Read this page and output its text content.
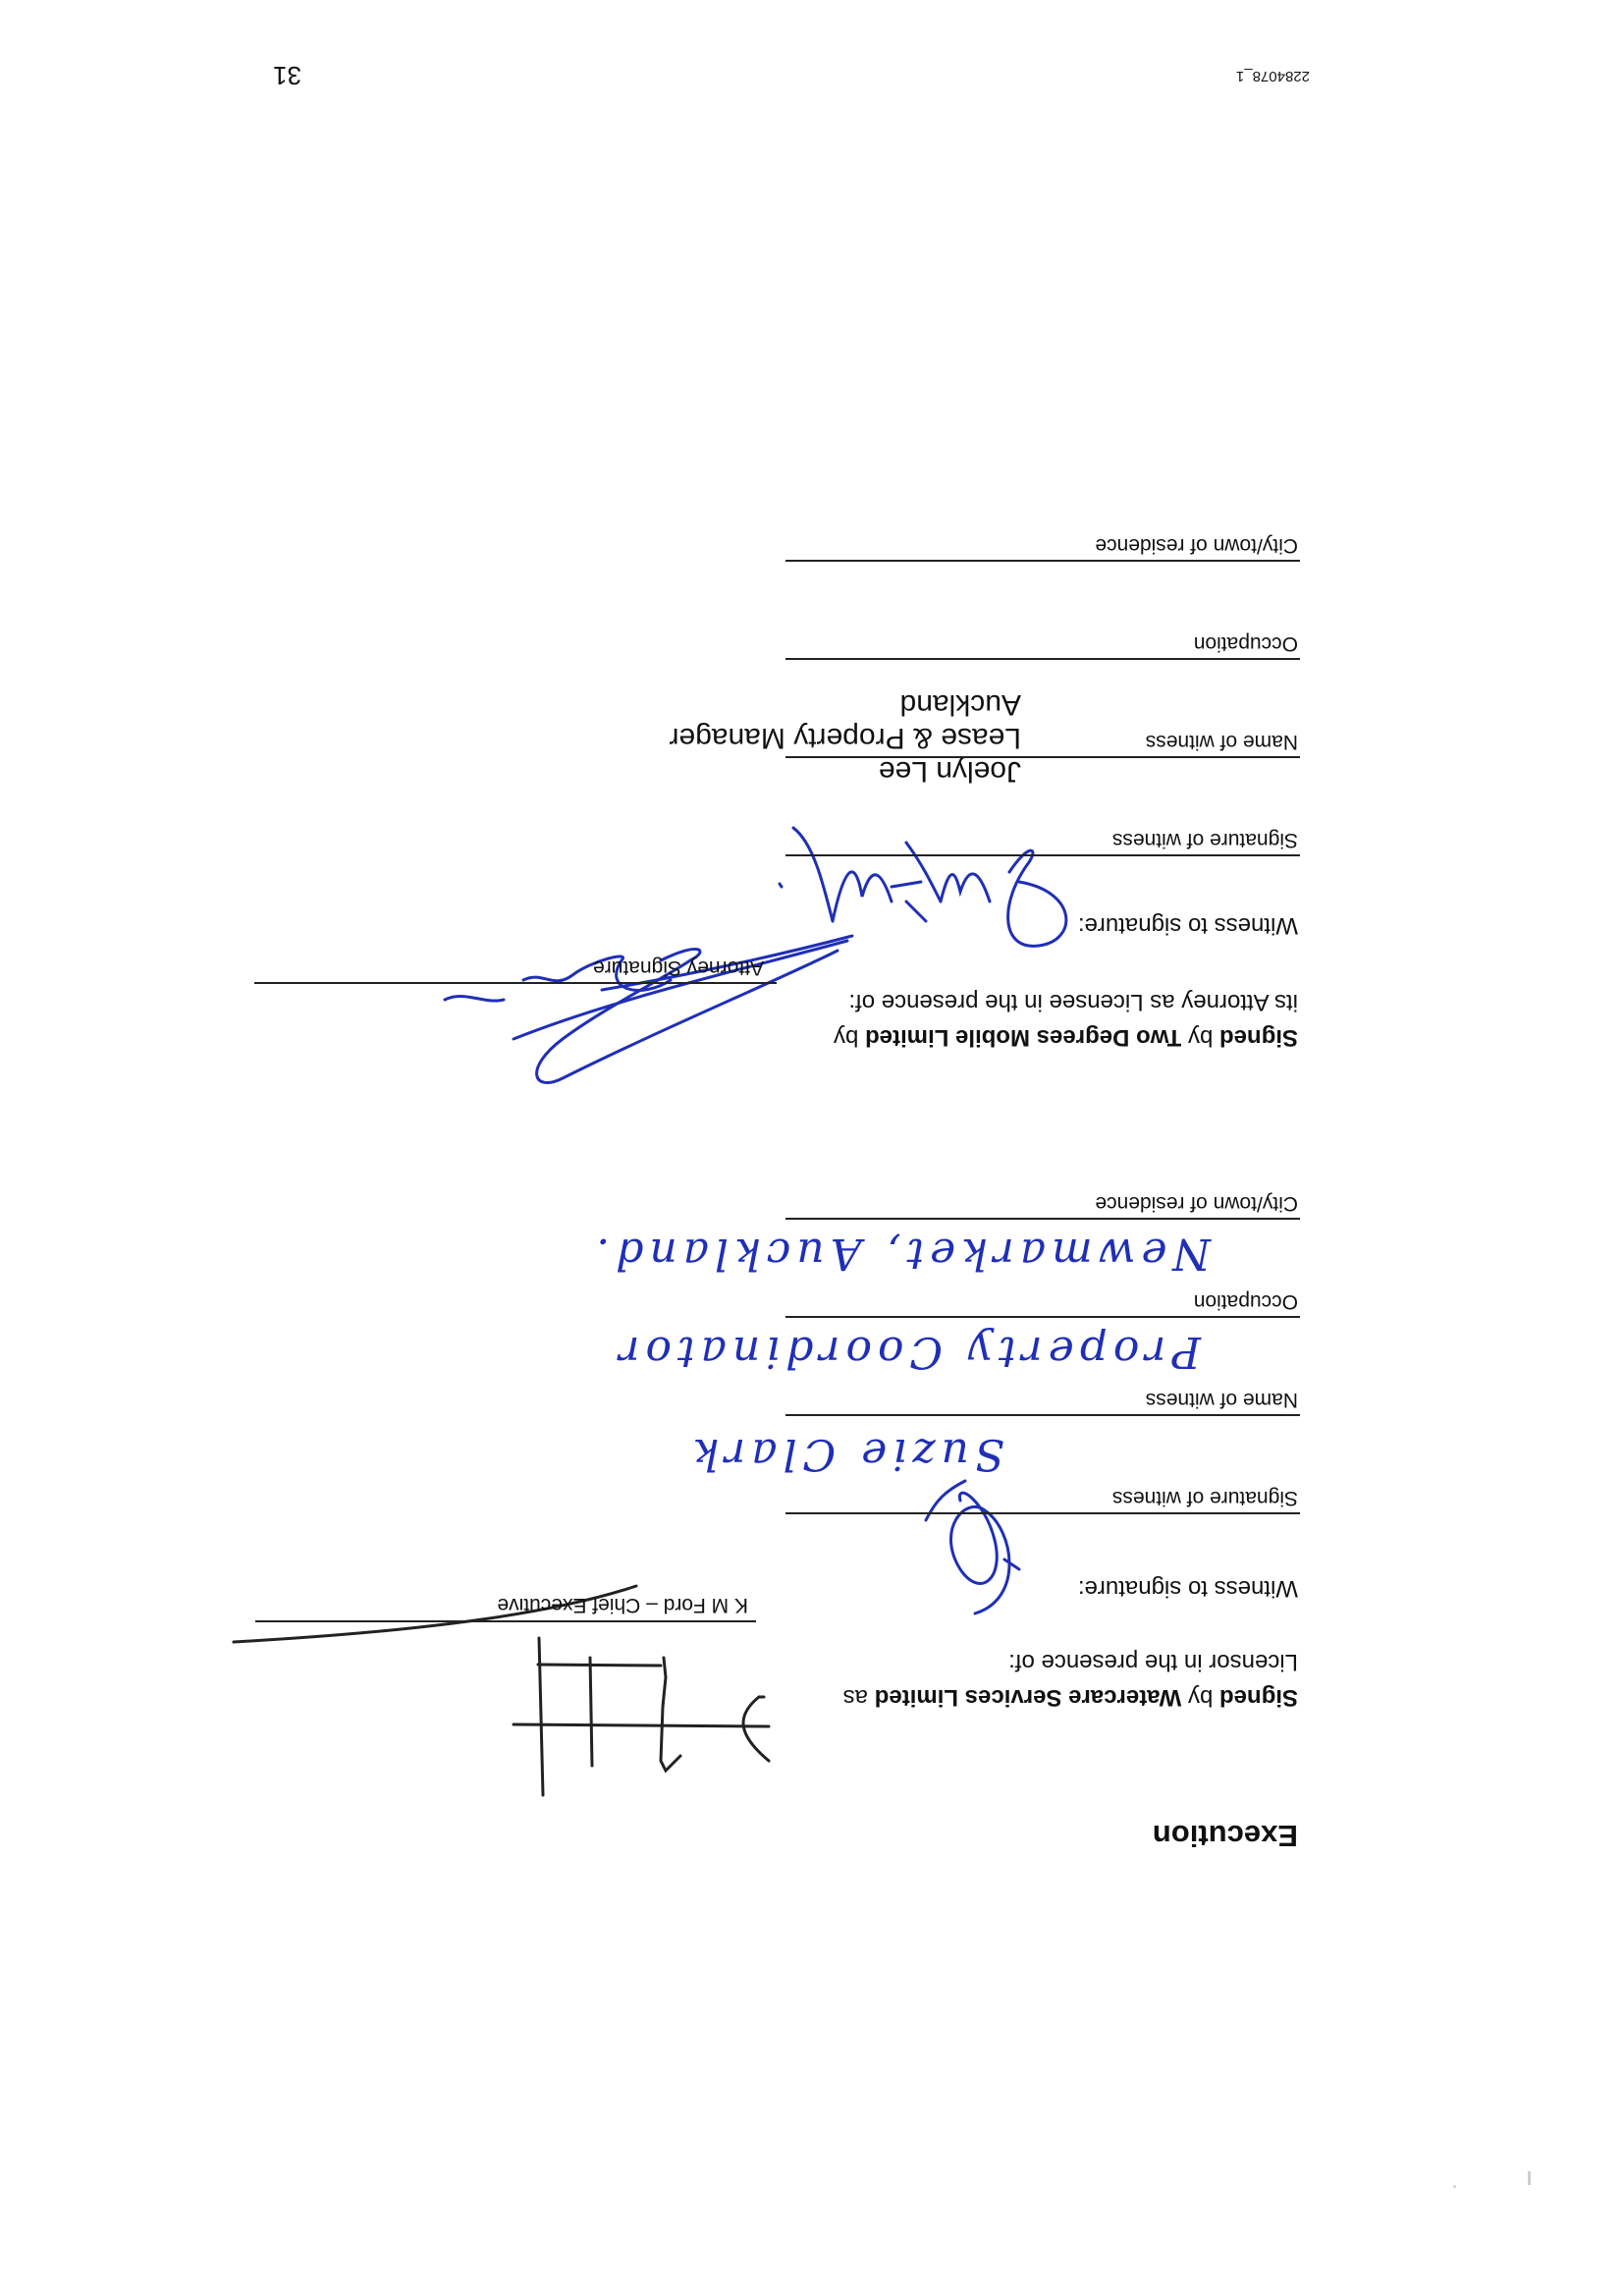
31	2284078_1
Execution
Signed by Watercare Services Limited as
Licensor in the presence of:
K M Ford – Chief Executive
Witness to signature:
Signature of witness
Suzie Clark
Name of witness
Property Coordinator
Occupation
Newmarket, Auckland.
City/town of residence
Signed by Two Degrees Mobile Limited by
its Attorney as Licensee in the presence of:
Attorney Signature
Witness to signature:
Signature of witness
Joelyn Lee
Lease & Property Manager
Auckland
Name of witness
Occupation
City/town of residence
